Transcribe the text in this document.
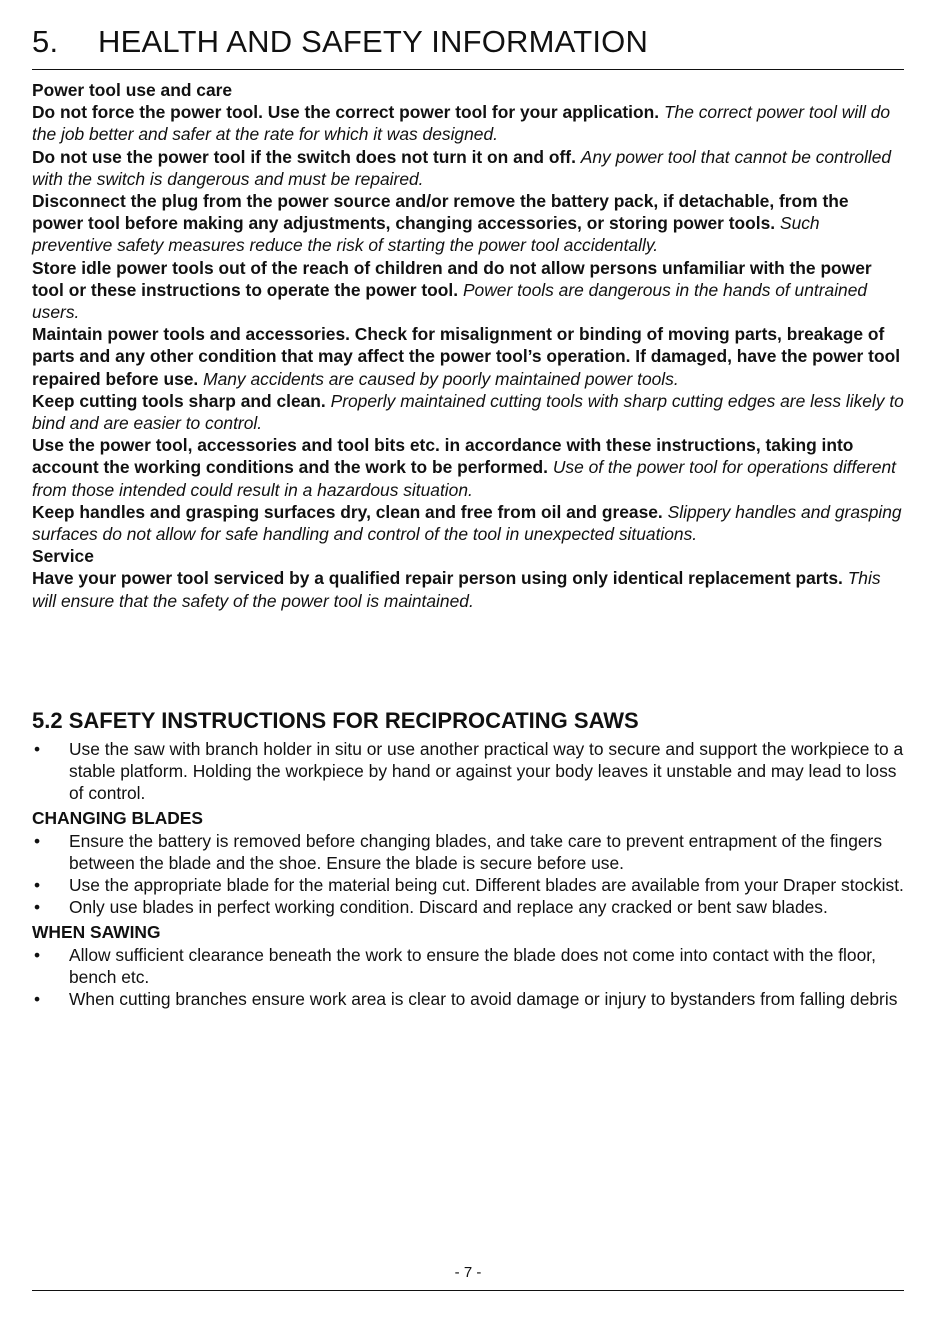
5. HEALTH AND SAFETY INFORMATION

Power tool use and care

Do not force the power tool. Use the correct power tool for your application. The correct power tool will do the job better and safer at the rate for which it was designed.

Do not use the power tool if the switch does not turn it on and off. Any power tool that cannot be controlled with the switch is dangerous and must be repaired.

Disconnect the plug from the power source and/or remove the battery pack, if detachable, from the power tool before making any adjustments, changing accessories, or storing power tools. Such preventive safety measures reduce the risk of starting the power tool accidentally.

Store idle power tools out of the reach of children and do not allow persons unfamiliar with the power tool or these instructions to operate the power tool. Power tools are dangerous in the hands of untrained users.

Maintain power tools and accessories. Check for misalignment or binding of moving parts, breakage of parts and any other condition that may affect the power tool’s operation. If damaged, have the power tool repaired before use. Many accidents are caused by poorly maintained power tools.

Keep cutting tools sharp and clean. Properly maintained cutting tools with sharp cutting edges are less likely to bind and are easier to control.

Use the power tool, accessories and tool bits etc. in accordance with these instructions, taking into account the working conditions and the work to be performed. Use of the power tool for operations different from those intended could result in a hazardous situation.

Keep handles and grasping surfaces dry, clean and free from oil and grease. Slippery handles and grasping surfaces do not allow for safe handling and control of the tool in unexpected situations.

Service

Have your power tool serviced by a qualified repair person using only identical replacement parts. This will ensure that the safety of the power tool is maintained.

5.2 SAFETY INSTRUCTIONS FOR RECIPROCATING SAWS
• Use the saw with branch holder in situ or use another practical way to secure and support the workpiece to a stable platform. Holding the workpiece by hand or against your body leaves it unstable and may lead to loss of control.
CHANGING BLADES
• Ensure the battery is removed before changing blades, and take care to prevent entrapment of the fingers between the blade and the shoe. Ensure the blade is secure before use.
• Use the appropriate blade for the material being cut. Different blades are available from your Draper stockist.
• Only use blades in perfect working condition. Discard and replace any cracked or bent saw blades.
WHEN SAWING
• Allow sufficient clearance beneath the work to ensure the blade does not come into contact with the floor, bench etc.
• When cutting branches ensure work area is clear to avoid damage or injury to bystanders from falling debris
- 7 -
